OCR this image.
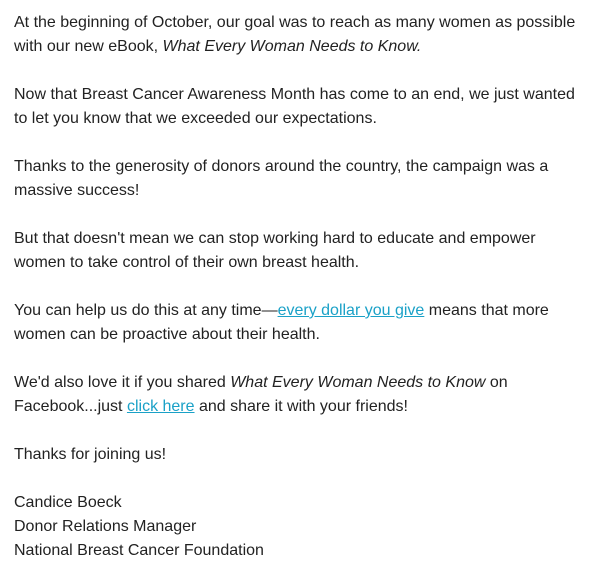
At the beginning of October, our goal was to reach as many women as possible with our new eBook, What Every Woman Needs to Know.

Now that Breast Cancer Awareness Month has come to an end, we just wanted to let you know that we exceeded our expectations.

Thanks to the generosity of donors around the country, the campaign was a massive success!

But that doesn't mean we can stop working hard to educate and empower women to take control of their own breast health.

You can help us do this at any time—every dollar you give means that more women can be proactive about their health.

We'd also love it if you shared What Every Woman Needs to Know on Facebook...just click here and share it with your friends!

Thanks for joining us!

Candice Boeck
Donor Relations Manager
National Breast Cancer Foundation
